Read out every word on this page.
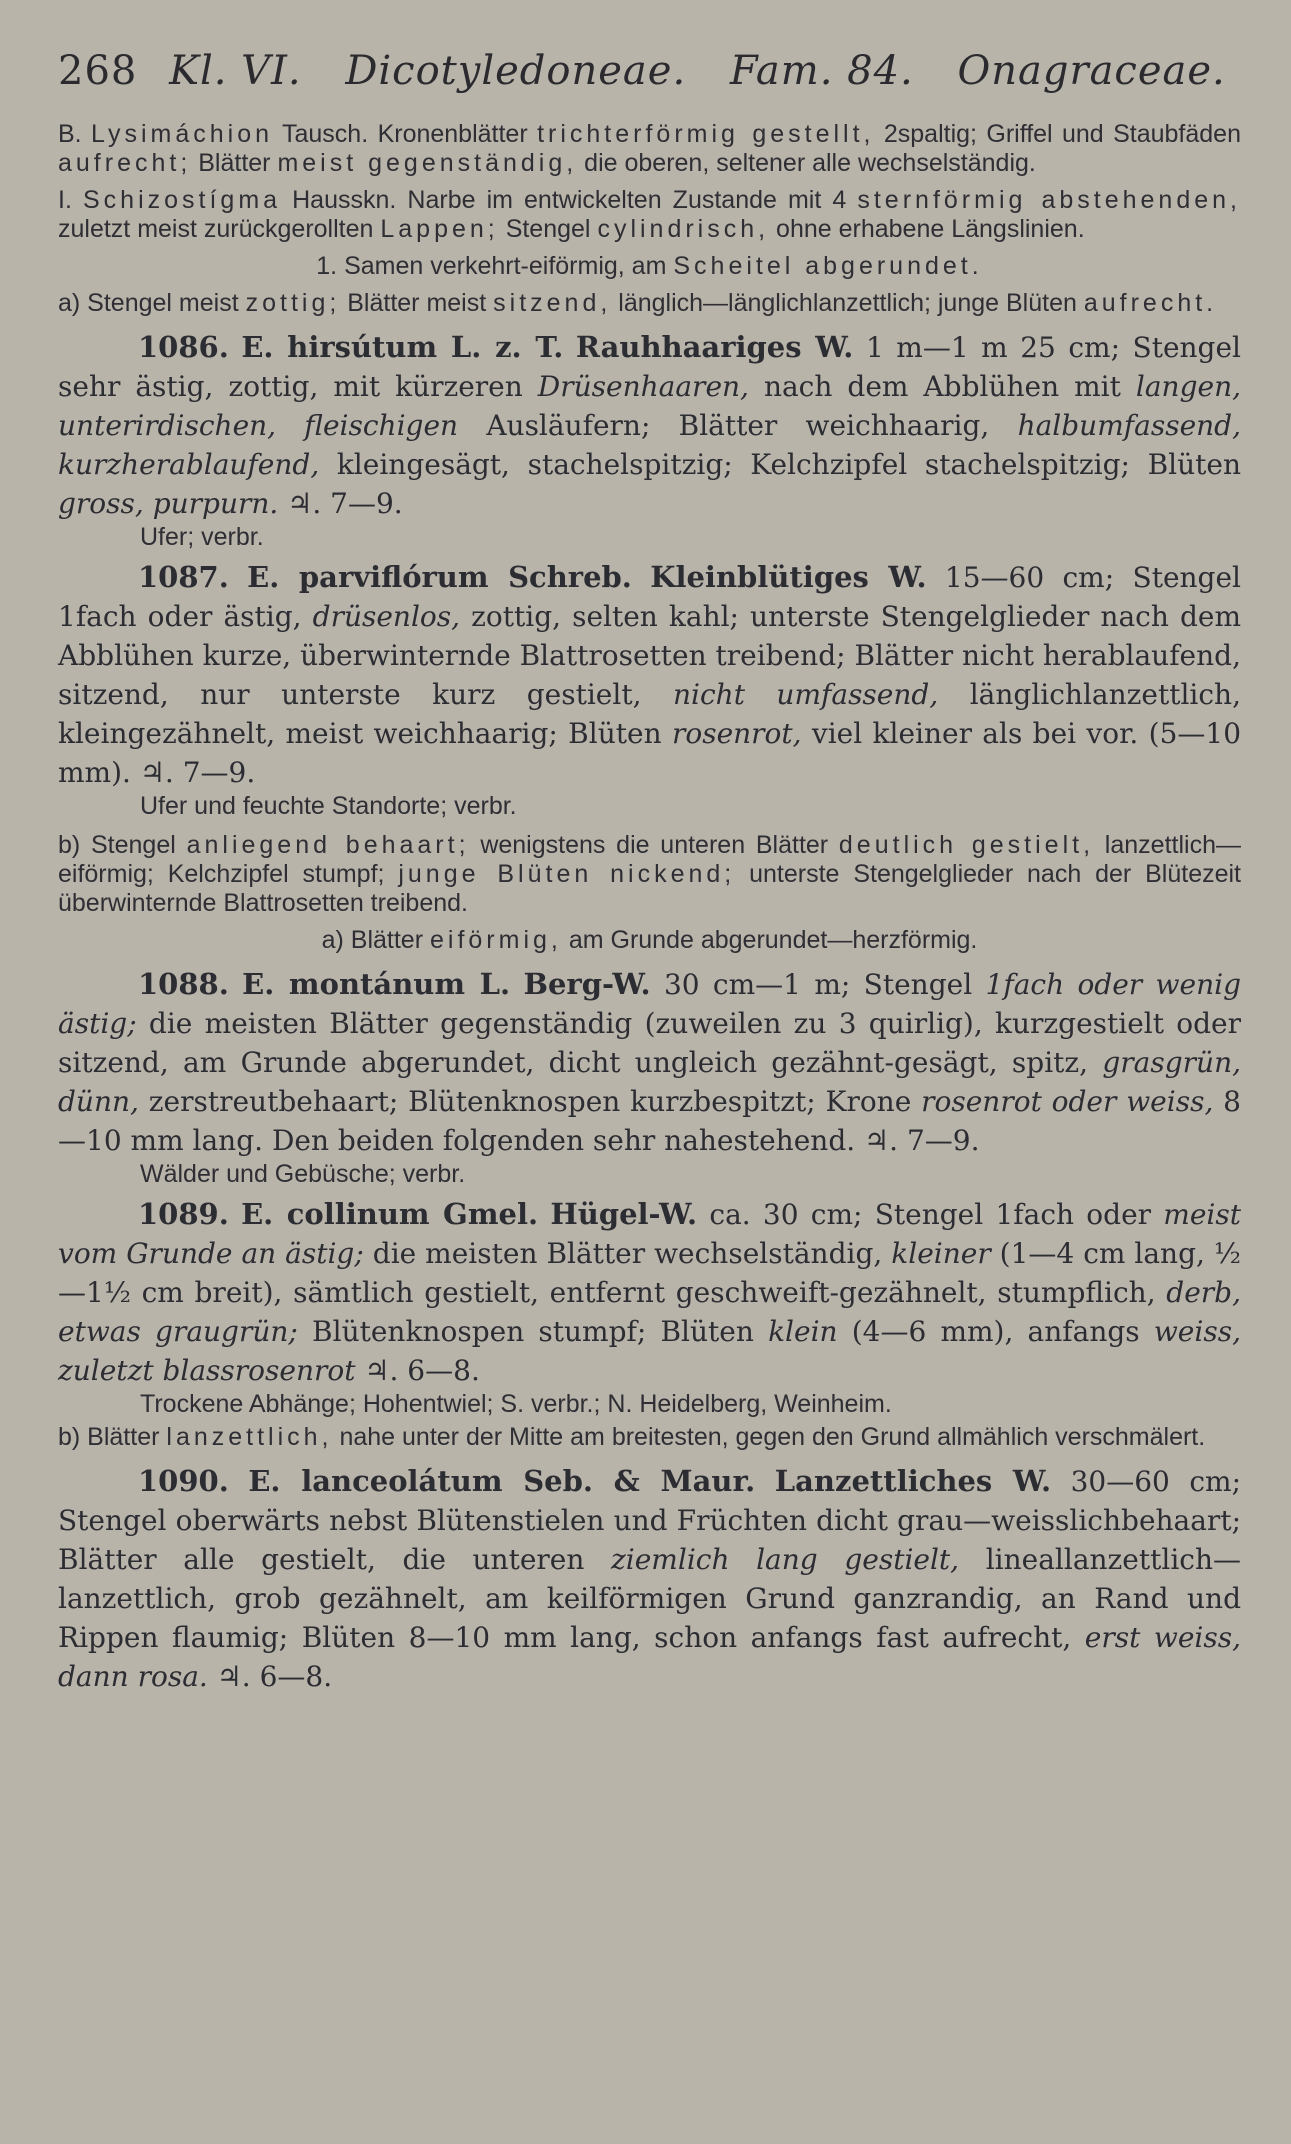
268 Kl. VI. Dicotyledoneae. Fam. 84. Onagraceae.
B. Lysimáchion Tausch. Kronenblätter trichterförmig gestellt, 2spaltig; Griffel und Staubfäden aufrecht; Blätter meist gegenständig, die oberen, seltener alle wechselständig.
I. Schizostígma Hausskn. Narbe im entwickelten Zustande mit 4 sternförmig abstehenden, zuletzt meist zurückgerollten Lappen; Stengel cylindrisch, ohne erhabene Längslinien.
1. Samen verkehrt-eiförmig, am Scheitel abgerundet.
a) Stengel meist zottig; Blätter meist sitzend, länglich—länglichlanzettlich; junge Blüten aufrecht.
1086. E. hirsútum L. z. T. Rauhhaariges W. 1 m—1 m 25 cm; Stengel sehr ästig, zottig, mit kürzeren Drüsenhaaren, nach dem Abblühen mit langen, unterirdischen, fleischigen Ausläufern; Blätter weichhaarig, halbumfassend, kurzherablaufend, kleingesägt, stachelspitzig; Kelchzipfel stachelspitzig; Blüten gross, purpurn. ♃. 7—9.
Ufer; verbr.
1087. E. parviflórum Schreb. Kleinblütiges W. 15—60 cm; Stengel 1fach oder ästig, drüsenlos, zottig, selten kahl; unterste Stengelglieder nach dem Abblühen kurze, überwinternde Blattrosetten treibend; Blätter nicht herablaufend, sitzend, nur unterste kurz gestielt, nicht umfassend, länglichlanzettlich, kleingezähnelt, meist weichhaarig; Blüten rosenrot, viel kleiner als bei vor. (5—10 mm). ♃. 7—9.
Ufer und feuchte Standorte; verbr.
b) Stengel anliegend behaart; wenigstens die unteren Blätter deutlich gestielt, lanzettlich—eiförmig; Kelchzipfel stumpf; junge Blüten nickend; unterste Stengelglieder nach der Blütezeit überwinternde Blattrosetten treibend.
a) Blätter eiförmig, am Grunde abgerundet—herzförmig.
1088. E. montánum L. Berg-W. 30 cm—1 m; Stengel 1fach oder wenig ästig; die meisten Blätter gegenständig (zuweilen zu 3 quirlig), kurzgestielt oder sitzend, am Grunde abgerundet, dicht ungleich gezähnt-gesägt, spitz, grasgrün, dünn, zerstreutbehaart; Blütenknospen kurzbespitzt; Krone rosenrot oder weiss, 8—10 mm lang. Den beiden folgenden sehr nahestehend. ♃. 7—9.
Wälder und Gebüsche; verbr.
1089. E. collinum Gmel. Hügel-W. ca. 30 cm; Stengel 1fach oder meist vom Grunde an ästig; die meisten Blätter wechselständig, kleiner (1—4 cm lang, ½—1½ cm breit), sämtlich gestielt, entfernt geschweift-gezähnelt, stumpflich, derb, etwas graugrün; Blütenknospen stumpf; Blüten klein (4—6 mm), anfangs weiss, zuletzt blassrosenrot ♃. 6—8.
Trockene Abhänge; Hohentwiel; S. verbr.; N. Heidelberg, Weinheim.
b) Blätter lanzettlich, nahe unter der Mitte am breitesten, gegen den Grund allmählich verschmälert.
1090. E. lanceolátum Seb. & Maur. Lanzettliches W. 30—60 cm; Stengel oberwärts nebst Blütenstielen und Früchten dicht grau—weisslichbehaart; Blätter alle gestielt, die unteren ziemlich lang gestielt, lineallanzettlich—lanzettlich, grob gezähnelt, am keilförmigen Grund ganzrandig, an Rand und Rippen flaumig; Blüten 8—10 mm lang, schon anfangs fast aufrecht, erst weiss, dann rosa. ♃. 6—8.
